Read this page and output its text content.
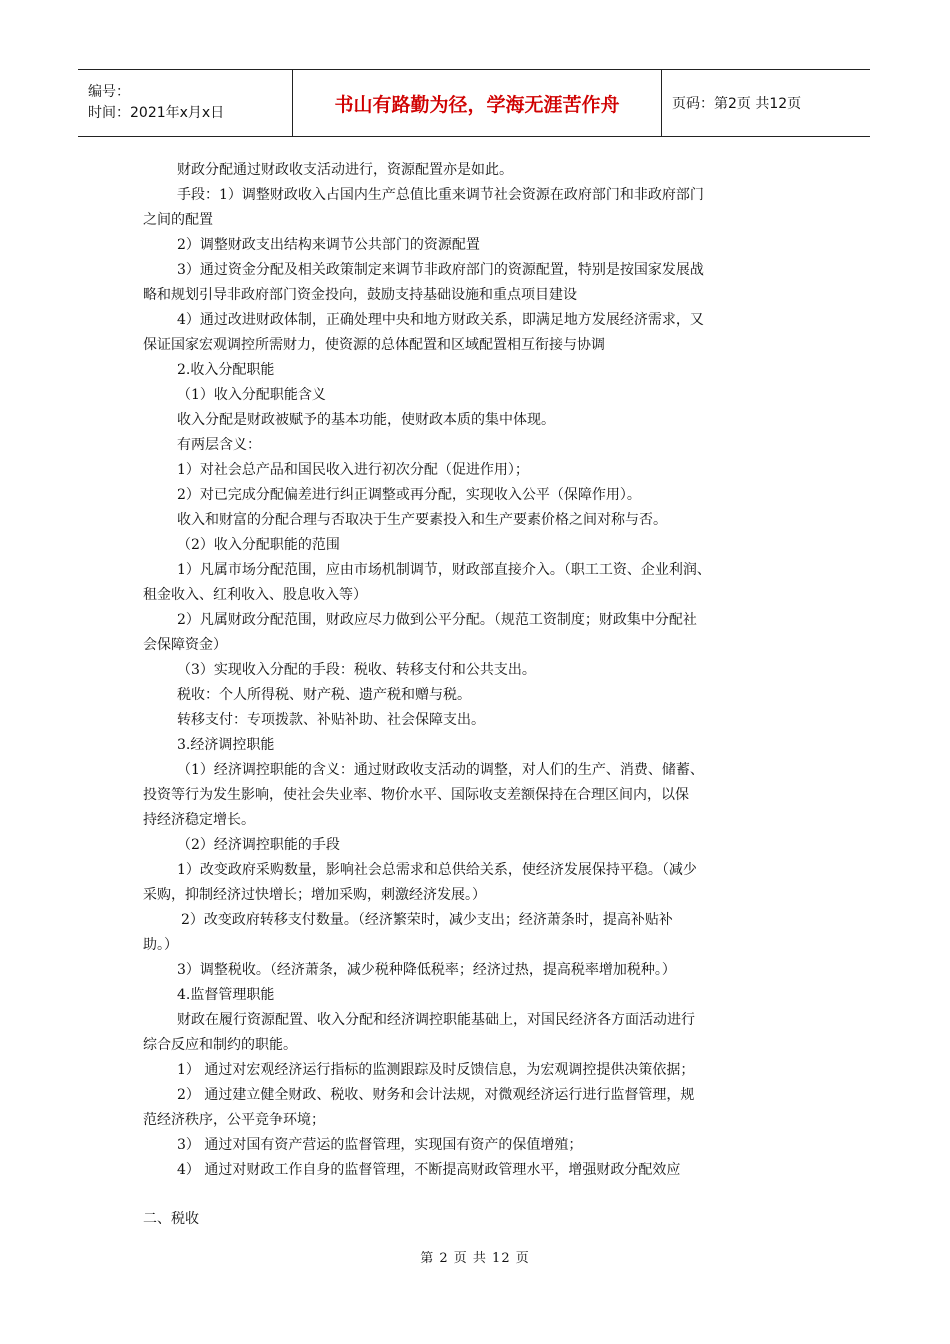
编号：
时间：2021年x月x日	书山有路勤为径，学海无涯苦作舟	页码：第2页 共12页
财政分配通过财政收支活动进行，资源配置亦是如此。
手段：1）调整财政收入占国内生产总值比重来调节社会资源在政府部门和非政府部门
之间的配置
2）调整财政支出结构来调节公共部门的资源配置
3）通过资金分配及相关政策制定来调节非政府部门的资源配置，特别是按国家发展战
略和规划引导非政府部门资金投向，鼓励支持基础设施和重点项目建设
4）通过改进财政体制，正确处理中央和地方财政关系，即满足地方发展经济需求，又
保证国家宏观调控所需财力，使资源的总体配置和区域配置相互衔接与协调
2.收入分配职能
（1）收入分配职能含义
收入分配是财政被赋予的基本功能，使财政本质的集中体现。
有两层含义：
1）对社会总产品和国民收入进行初次分配（促进作用）；
2）对已完成分配偏差进行纠正调整或再分配，实现收入公平（保障作用）。
收入和财富的分配合理与否取决于生产要素投入和生产要素价格之间对称与否。
（2）收入分配职能的范围
1）凡属市场分配范围，应由市场机制调节，财政部直接介入。（职工工资、企业利润、
租金收入、红利收入、股息收入等）
2）凡属财政分配范围，财政应尽力做到公平分配。（规范工资制度；财政集中分配社
会保障资金）
（3）实现收入分配的手段：税收、转移支付和公共支出。
税收：个人所得税、财产税、遗产税和赠与税。
转移支付：专项拨款、补贴补助、社会保障支出。
3.经济调控职能
（1）经济调控职能的含义：通过财政收支活动的调整，对人们的生产、消费、储蓄、
投资等行为发生影响，使社会失业率、物价水平、国际收支差额保持在合理区间内，以保
持经济稳定增长。
（2）经济调控职能的手段
1）改变政府采购数量，影响社会总需求和总供给关系，使经济发展保持平稳。（减少
采购，抑制经济过快增长；增加采购，刺激经济发展。）
2）改变政府转移支付数量。（经济繁荣时，减少支出；经济萧条时，提高补贴补
助。）
3）调整税收。（经济萧条，减少税种降低税率；经济过热，提高税率增加税种。）
4.监督管理职能
财政在履行资源配置、收入分配和经济调控职能基础上，对国民经济各方面活动进行
综合反应和制约的职能。
1） 通过对宏观经济运行指标的监测跟踪及时反馈信息，为宏观调控提供决策依据；
2） 通过建立健全财政、税收、财务和会计法规，对微观经济运行进行监督管理，规
范经济秩序，公平竞争环境；
3） 通过对国有资产营运的监督管理，实现国有资产的保值增殖；
4） 通过对财政工作自身的监督管理，不断提高财政管理水平，增强财政分配效应
二、税收
第 2 页 共 12 页
